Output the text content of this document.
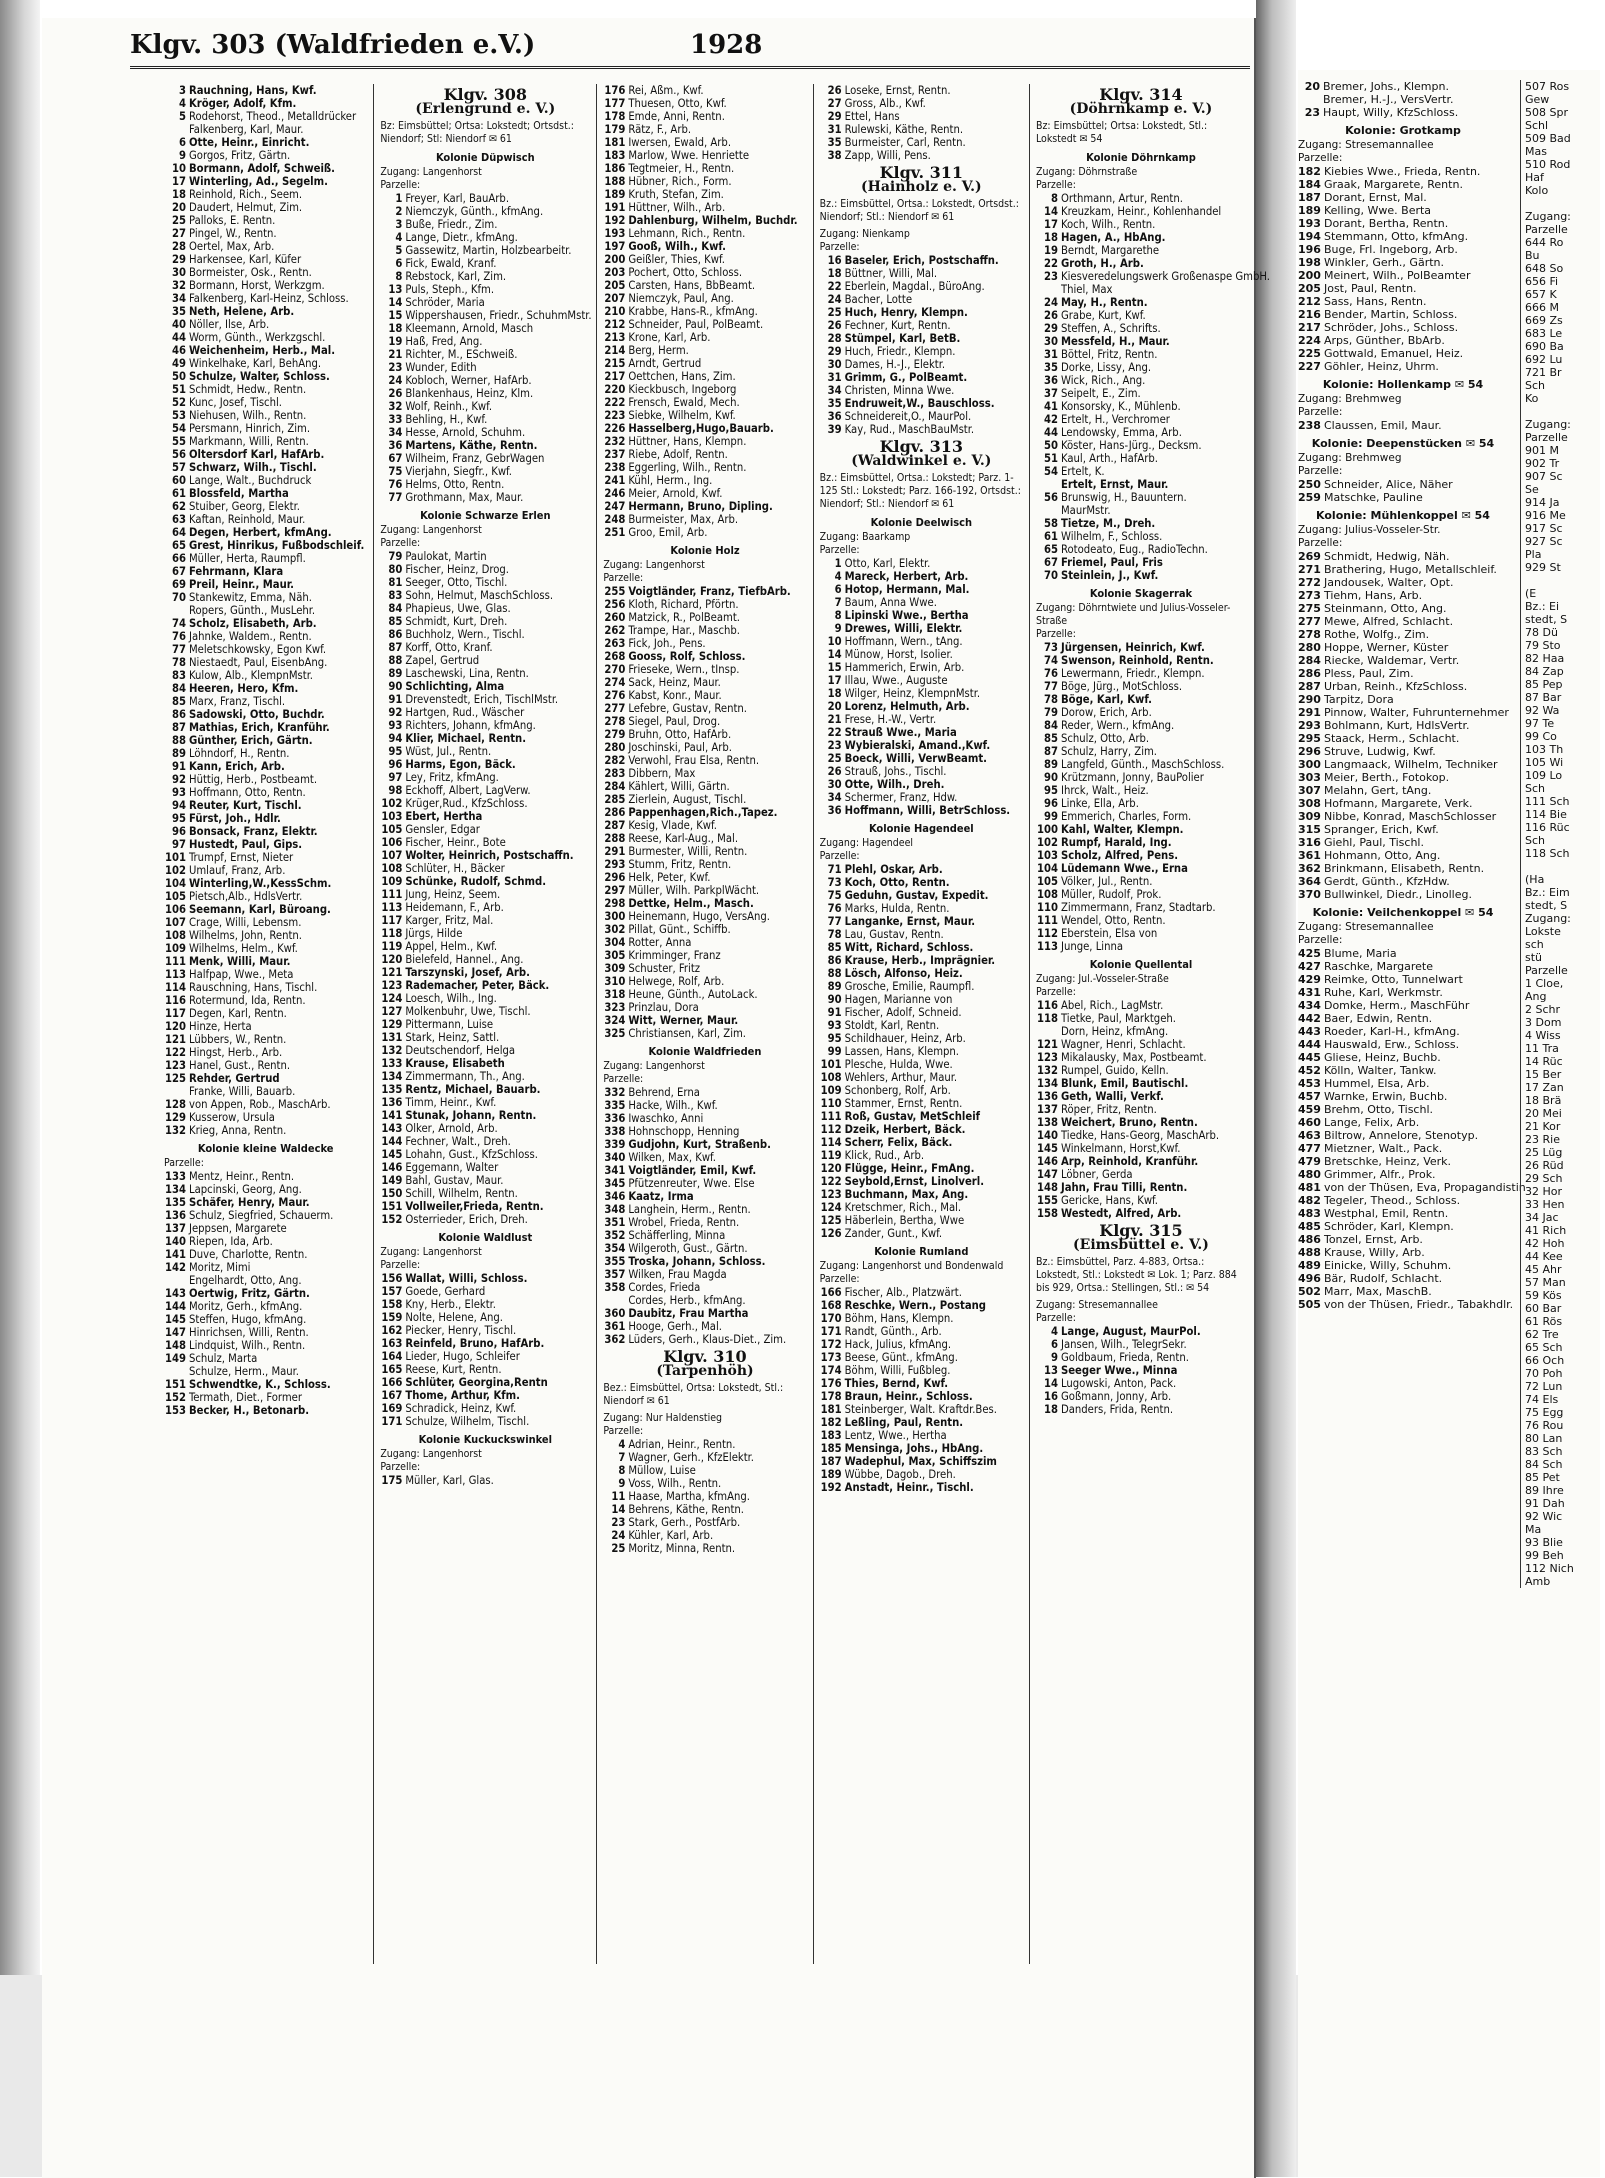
20 Bremer, Johs., Klempn.
Bremer, H.-J., VersVertr.
23 Haupt, Willy, KfzSchloss.
Kolonie: Grotkamp
Zugang: Stresemannallee
Parzelle:
182 Kiebies Wwe., Frieda, Rentn.
184 Graak, Margarete, Rentn.
187 Dorant, Ernst, Mal.
189 Kelling, Wwe. Berta
193 Dorant, Bertha, Rentn.
194 Stemmann, Otto, kfmAng.
196 Buge, Frl. Ingeborg, Arb.
198 Winkler, Gerh., Gärtn.
200 Meinert, Wilh., PolBeamter
205 Jost, Paul, Rentn.
212 Sass, Hans, Rentn.
216 Bender, Martin, Schloss.
217 Schröder, Johs., Schloss.
224 Arps, Günther, BbArb.
225 Gottwald, Emanuel, Heiz.
227 Göhler, Heinz, Uhrm.
Kolonie: Hollenkamp ✉ 54
Zugang: Brehmweg
Parzelle:
238 Claussen, Emil, Maur.
Kolonie: Deepenstücken ✉ 54
Zugang: Brehmweg
Parzelle:
250 Schneider, Alice, Näher
259 Matschke, Pauline
Kolonie: Mühlenkoppel ✉ 54
Zugang: Julius-Vosseler-Str.
Parzelle:
269 Schmidt, Hedwig, Näh.
271 Brathering, Hugo, Metallschleif.
272 Jandousek, Walter, Opt.
273 Tiehm, Hans, Arb.
275 Steinmann, Otto, Ang.
277 Mewe, Alfred, Schlacht.
278 Rothe, Wolfg., Zim.
280 Hoppe, Werner, Küster
284 Riecke, Waldemar, Vertr.
286 Pless, Paul, Zim.
287 Urban, Reinh., KfzSchloss.
290 Tarpitz, Dora
291 Pinnow, Walter, Fuhrunternehmer
293 Bohlmann, Kurt, HdlsVertr.
295 Staack, Herm., Schlacht.
296 Struve, Ludwig, Kwf.
300 Langmaack, Wilhelm, Techniker
303 Meier, Berth., Fotokop.
307 Melahn, Gert, tAng.
308 Hofmann, Margarete, Verk.
309 Nibbe, Konrad, MaschSchlosser
315 Spranger, Erich, Kwf.
316 Giehl, Paul, Tischl.
361 Hohmann, Otto, Ang.
362 Brinkmann, Elisabeth, Rentn.
364 Gerdt, Günth., KfzHdw.
370 Bullwinkel, Diedr., Linolleg.
Kolonie: Veilchenkoppel ✉ 54
Zugang: Stresemannallee
Parzelle:
425 Blume, Maria
427 Raschke, Margarete
429 Reimke, Otto, Tunnelwart
431 Ruhe, Karl, Werkmstr.
434 Domke, Herm., MaschFühr
442 Baer, Edwin, Rentn.
443 Roeder, Karl-H., kfmAng.
444 Hauswald, Erw., Schloss.
445 Gliese, Heinz, Buchb.
452 Kölln, Walter, Tankw.
453 Hummel, Elsa, Arb.
457 Warnke, Erwin, Buchb.
459 Brehm, Otto, Tischl.
460 Lange, Felix, Arb.
463 Biltrow, Annelore, Stenotyp.
477 Mietzner, Walt., Pack.
479 Bretschke, Heinz, Verk.
480 Grimmer, Alfr., Prok.
481 von der Thüsen, Eva, Propagandistin
482 Tegeler, Theod., Schloss.
483 Westphal, Emil, Rentn.
485 Schröder, Karl, Klempn.
486 Tonzel, Ernst, Arb.
488 Krause, Willy, Arb.
489 Einicke, Willy, Schuhm.
496 Bär, Rudolf, Schlacht.
502 Marr, Max, MaschB.
505 von der Thüsen, Friedr., Tabakhdlr.
507 Ros
Gew
508 Spr
Schl
509 Bad
Mas
510 Rod
Haf
Kolo
Zugang:
Parzelle
644 Ro
Bu
648 So
656 Fi
657 K
666 M
669 Zs
683 Le
690 Ba
692 Lu
721 Br
Sch
Ko
Zugang:
Parzelle
901 M
902 Tr
907 Sc
Se
914 Ja
916 Me
917 Sc
927 Sc
Pla
929 St
(E
Bz.: Ei
stedt, S
78 Dü
79 Sto
82 Haa
84 Zap
85 Pep
87 Bar
92 Wa
97 Te
99 Co
103 Th
105 Wi
109 Lo
Sch
111 Sch
114 Bie
116 Rüc
Sch
118 Sch
(Ha
Bz.: Eim
stedt, S
Zugang:
Lokste
sch
stü
Parzelle
1 Cloe,
Ang
2 Schr
3 Dom
4 Wiss
11 Tra
14 Rüc
15 Ber
17 Zan
18 Brä
20 Mei
21 Kor
23 Rie
25 Lüg
26 Rüd
29 Sch
32 Hor
33 Hen
34 Jac
41 Rich
42 Hoh
44 Kee
45 Ahr
57 Man
59 Kös
60 Bar
61 Rös
62 Tre
65 Sch
66 Och
70 Poh
72 Lun
74 Els
75 Egg
76 Rou
80 Lan
83 Sch
84 Sch
85 Pet
89 Ihre
91 Dah
92 Wic
Ma
93 Blie
99 Beh
112 Nich
Amb
Klgv. 303 (Waldfrieden e.V.)	1928
3 Rauchning, Hans, Kwf.
4 Kröger, Adolf, Kfm.
5 Rodehorst, Theod., Metalldrücker
Falkenberg, Karl, Maur.
6 Otte, Heinr., Einricht.
9 Gorgos, Fritz, Gärtn.
10 Bormann, Adolf, Schweiß.
17 Winterling, Ad., Segelm.
18 Reinhold, Rich., Seem.
20 Daudert, Helmut, Zim.
25 Palloks, E. Rentn.
27 Pingel, W., Rentn.
28 Oertel, Max, Arb.
29 Harkensee, Karl, Küfer
30 Bormeister, Osk., Rentn.
32 Bormann, Horst, Werkzgm.
34 Falkenberg, Karl-Heinz, Schloss.
35 Neth, Helene, Arb.
40 Nöller, Ilse, Arb.
44 Worm, Günth., Werkzgschl.
46 Weichenheim, Herb., Mal.
49 Winkelhake, Karl, BehAng.
50 Schulze, Walter, Schloss.
51 Schmidt, Hedw., Rentn.
52 Kunc, Josef, Tischl.
53 Niehusen, Wilh., Rentn.
54 Persmann, Hinrich, Zim.
55 Markmann, Willi, Rentn.
56 Oltersdorf Karl, HafArb.
57 Schwarz, Wilh., Tischl.
60 Lange, Walt., Buchdruck
61 Blossfeld, Martha
62 Stuiber, Georg, Elektr.
63 Kaftan, Reinhold, Maur.
64 Degen, Herbert, kfmAng.
65 Grest, Hinrikus, Fußbodschleif.
66 Müller, Herta, Raumpfl.
67 Fehrmann, Klara
69 Preil, Heinr., Maur.
70 Stankewitz, Emma, Näh.
Ropers, Günth., MusLehr.
74 Scholz, Elisabeth, Arb.
76 Jahnke, Waldem., Rentn.
77 Meletschkowsky, Egon Kwf.
78 Niestaedt, Paul, EisenbAng.
83 Kulow, Alb., KlempnMstr.
84 Heeren, Hero, Kfm.
85 Marx, Franz, Tischl.
86 Sadowski, Otto, Buchdr.
87 Mathias, Erich, Kranführ.
88 Günther, Erich, Gärtn.
89 Löhndorf, H., Rentn.
91 Kann, Erich, Arb.
92 Hüttig, Herb., Postbeamt.
93 Hoffmann, Otto, Rentn.
94 Reuter, Kurt, Tischl.
95 Fürst, Joh., Hdlr.
96 Bonsack, Franz, Elektr.
97 Hustedt, Paul, Gips.
101 Trumpf, Ernst, Nieter
102 Umlauf, Franz, Arb.
104 Winterling,W.,KessSchm.
105 Pietsch,Alb., HdlsVertr.
106 Seemann, Karl, Büroang.
107 Crage, Willi, Lebensm.
108 Wilhelms, John, Rentn.
109 Wilhelms, Helm., Kwf.
111 Menk, Willi, Maur.
113 Halfpap, Wwe., Meta
114 Rauschning, Hans, Tischl.
116 Rotermund, Ida, Rentn.
117 Degen, Karl, Rentn.
120 Hinze, Herta
121 Lübbers, W., Rentn.
122 Hingst, Herb., Arb.
123 Hanel, Gust., Rentn.
125 Rehder, Gertrud
Franke, Willi, Bauarb.
128 von Appen, Rob., MaschArb.
129 Kusserow, Ursula
132 Krieg, Anna, Rentn.
Kolonie kleine Waldecke
Parzelle:
133 Mentz, Heinr., Rentn.
134 Lapcinski, Georg, Ang.
135 Schäfer, Henry, Maur.
136 Schulz, Siegfried, Schauerm.
137 Jeppsen, Margarete
140 Riepen, Ida, Arb.
141 Duve, Charlotte, Rentn.
142 Moritz, Mimi
Engelhardt, Otto, Ang.
143 Oertwig, Fritz, Gärtn.
144 Moritz, Gerh., kfmAng.
145 Steffen, Hugo, kfmAng.
147 Hinrichsen, Willi, Rentn.
148 Lindquist, Wilh., Rentn.
149 Schulz, Marta
Schulze, Herm., Maur.
151 Schwendtke, K., Schloss.
152 Termath, Diet., Former
153 Becker, H., Betonarb.
Klgv. 308
(Erlengrund e. V.)
Bz: Eimsbüttel; Ortsa: Lokstedt; Ortsdst.: Niendorf; Stl: Niendorf ✉ 61
Kolonie Düpwisch
Zugang: Langenhorst
Parzelle:
1 Freyer, Karl, BauArb.
2 Niemczyk, Günth., kfmAng.
3 Buße, Friedr., Zim.
4 Lange, Dietr., kfmAng.
5 Gassewitz, Martin, Holzbearbeitr.
6 Fick, Ewald, Kranf.
8 Rebstock, Karl, Zim.
13 Puls, Steph., Kfm.
14 Schröder, Maria
15 Wippershausen, Friedr., SchuhmMstr.
18 Kleemann, Arnold, Masch
19 Haß, Fred, Ang.
21 Richter, M., ESchweiß.
23 Wunder, Edith
24 Kobloch, Werner, HafArb.
26 Blankenhaus, Heinz, Klm.
32 Wolf, Reinh., Kwf.
33 Behling, H., Kwf.
34 Hesse, Arnold, Schuhm.
36 Martens, Käthe, Rentn.
67 Wilheim, Franz, GebrWagen
75 Vierjahn, Siegfr., Kwf.
76 Helms, Otto, Rentn.
77 Grothmann, Max, Maur.
Kolonie Schwarze Erlen
Zugang: Langenhorst
Parzelle:
79 Paulokat, Martin
80 Fischer, Heinz, Drog.
81 Seeger, Otto, Tischl.
83 Sohn, Helmut, MaschSchloss.
84 Phapieus, Uwe, Glas.
85 Schmidt, Kurt, Dreh.
86 Buchholz, Wern., Tischl.
87 Korff, Otto, Kranf.
88 Zapel, Gertrud
89 Laschewski, Lina, Rentn.
90 Schlichting, Alma
91 Drevenstedt, Erich, TischlMstr.
92 Hartgen, Rud., Wäscher
93 Richters, Johann, kfmAng.
94 Klier, Michael, Rentn.
95 Wüst, Jul., Rentn.
96 Harms, Egon, Bäck.
97 Ley, Fritz, kfmAng.
98 Eckhoff, Albert, LagVerw.
102 Krüger,Rud., KfzSchloss.
103 Ebert, Hertha
105 Gensler, Edgar
106 Fischer, Heinr., Bote
107 Wolter, Heinrich, Postschaffn.
108 Schlüter, H., Bäcker
109 Schünke, Rudolf, Schmd.
111 Jung, Heinz, Seem.
113 Heidemann, F., Arb.
117 Karger, Fritz, Mal.
118 Jürgs, Hilde
119 Appel, Helm., Kwf.
120 Bielefeld, Hannel., Ang.
121 Tarszynski, Josef, Arb.
123 Rademacher, Peter, Bäck.
124 Loesch, Wilh., Ing.
127 Molkenbuhr, Uwe, Tischl.
129 Pittermann, Luise
131 Stark, Heinz, Sattl.
132 Deutschendorf, Helga
133 Krause, Elisabeth
134 Zimmermann, Th., Ang.
135 Rentz, Michael, Bauarb.
136 Timm, Heinr., Kwf.
141 Stunak, Johann, Rentn.
143 Olker, Arnold, Arb.
144 Fechner, Walt., Dreh.
145 Lohahn, Gust., KfzSchloss.
146 Eggemann, Walter
149 Bahl, Gustav, Maur.
150 Schill, Wilhelm, Rentn.
151 Vollweiler,Frieda, Rentn.
152 Osterrieder, Erich, Dreh.
Kolonie Waldlust
Zugang: Langenhorst
Parzelle:
156 Wallat, Willi, Schloss.
157 Goede, Gerhard
158 Kny, Herb., Elektr.
159 Nolte, Helene, Ang.
162 Piecker, Henry, Tischl.
163 Reinfeld, Bruno, HafArb.
164 Lieder, Hugo, Schleifer
165 Reese, Kurt, Rentn.
166 Schlüter, Georgina,Rentn
167 Thome, Arthur, Kfm.
169 Schradick, Heinz, Kwf.
171 Schulze, Wilhelm, Tischl.
Kolonie Kuckuckswinkel
Zugang: Langenhorst
Parzelle:
175 Müller, Karl, Glas.
176 Rei, Aßm., Kwf.
177 Thuesen, Otto, Kwf.
178 Emde, Anni, Rentn.
179 Rätz, F., Arb.
181 Iwersen, Ewald, Arb.
183 Marlow, Wwe. Henriette
186 Tegtmeier, H., Rentn.
188 Hübner, Rich., Form.
189 Kruth, Stefan, Zim.
191 Hüttner, Wilh., Arb.
192 Dahlenburg, Wilhelm, Buchdr.
193 Lehmann, Rich., Rentn.
197 Gooß, Wilh., Kwf.
200 Geißler, Thies, Kwf.
203 Pochert, Otto, Schloss.
205 Carsten, Hans, BbBeamt.
207 Niemczyk, Paul, Ang.
210 Krabbe, Hans-R., kfmAng.
212 Schneider, Paul, PolBeamt.
213 Krone, Karl, Arb.
214 Berg, Herm.
215 Arndt, Gertrud
217 Oettchen, Hans, Zim.
220 Kieckbusch, Ingeborg
222 Frensch, Ewald, Mech.
223 Siebke, Wilhelm, Kwf.
226 Hasselberg,Hugo,Bauarb.
232 Hüttner, Hans, Klempn.
237 Riebe, Adolf, Rentn.
238 Eggerling, Wilh., Rentn.
241 Kühl, Herm., Ing.
246 Meier, Arnold, Kwf.
247 Hermann, Bruno, Dipling.
248 Burmeister, Max, Arb.
251 Groo, Emil, Arb.
Kolonie Holz
Zugang: Langenhorst
Parzelle:
255 Voigtländer, Franz, TiefbArb.
256 Kloth, Richard, Pförtn.
260 Matzick, R., PolBeamt.
262 Trampe, Har., Maschb.
263 Fick, Joh., Pens.
268 Gooss, Rolf, Schloss.
270 Frieseke, Wern., tInsp.
274 Sack, Heinz, Maur.
276 Kabst, Konr., Maur.
277 Lefebre, Gustav, Rentn.
278 Siegel, Paul, Drog.
279 Bruhn, Otto, HafArb.
280 Joschinski, Paul, Arb.
282 Verwohl, Frau Elsa, Rentn.
283 Dibbern, Max
284 Kählert, Willi, Gärtn.
285 Zierlein, August, Tischl.
286 Pappenhagen,Rich.,Tapez.
287 Kesig, Vlade, Kwf.
288 Reese, Karl-Aug., Mal.
291 Burmester, Willi, Rentn.
293 Stumm, Fritz, Rentn.
296 Helk, Peter, Kwf.
297 Müller, Wilh. ParkplWächt.
298 Dettke, Helm., Masch.
300 Heinemann, Hugo, VersAng.
302 Pillat, Günt., Schiffb.
304 Rotter, Anna
305 Krimminger, Franz
309 Schuster, Fritz
310 Helwege, Rolf, Arb.
318 Heune, Günth., AutoLack.
323 Prinzlau, Dora
324 Witt, Werner, Maur.
325 Christiansen, Karl, Zim.
Kolonie Waldfrieden
Zugang: Langenhorst
Parzelle:
332 Behrend, Erna
335 Hacke, Wilh., Kwf.
336 Iwaschko, Anni
338 Hohnschopp, Henning
339 Gudjohn, Kurt, Straßenb.
340 Wilken, Max, Kwf.
341 Voigtländer, Emil, Kwf.
345 Pfützenreuter, Wwe. Else
346 Kaatz, Irma
348 Langhein, Herm., Rentn.
351 Wrobel, Frieda, Rentn.
352 Schäfferling, Minna
354 Wilgeroth, Gust., Gärtn.
355 Troska, Johann, Schloss.
357 Wilken, Frau Magda
358 Cordes, Frieda
Cordes, Herb., kfmAng.
360 Daubitz, Frau Martha
361 Hooge, Gerh., Mal.
362 Lüders, Gerh., Klaus-Diet., Zim.
Klgv. 310
(Tarpenhöh)
Bez.: Eimsbüttel, Ortsa: Lokstedt, Stl.: Niendorf ✉ 61
Zugang: Nur Haldenstieg
Parzelle:
4 Adrian, Heinr., Rentn.
7 Wagner, Gerh., KfzElektr.
8 Müllow, Luise
9 Voss, Wilh., Rentn.
11 Haase, Martha, kfmAng.
14 Behrens, Käthe, Rentn.
23 Stark, Gerh., PostfArb.
24 Kühler, Karl, Arb.
25 Moritz, Minna, Rentn.
26 Loseke, Ernst, Rentn.
27 Gross, Alb., Kwf.
29 Ettel, Hans
31 Rulewski, Käthe, Rentn.
35 Burmeister, Carl, Rentn.
38 Zapp, Willi, Pens.
Klgv. 311
(Hainholz e. V.)
Bz.: Eimsbüttel, Ortsa.: Lokstedt, Ortsdst.: Niendorf; Stl.: Niendorf ✉ 61
Zugang: Nienkamp
Parzelle:
16 Baseler, Erich, Postschaffn.
18 Büttner, Willi, Mal.
22 Eberlein, Magdal., BüroAng.
24 Bacher, Lotte
25 Huch, Henry, Klempn.
26 Fechner, Kurt, Rentn.
28 Stümpel, Karl, BetB.
29 Huch, Friedr., Klempn.
30 Dames, H.-J., Elektr.
31 Grimm, G., PolBeamt.
34 Christen, Minna Wwe.
35 Endruweit,W., Bauschloss.
36 Schneidereit,O., MaurPol.
39 Kay, Rud., MaschBauMstr.
Klgv. 313
(Waldwinkel e. V.)
Bz.: Eimsbüttel, Ortsa.: Lokstedt; Parz. 1-125 Stl.: Lokstedt; Parz. 166-192, Ortsdst.: Niendorf; Stl.: Niendorf ✉ 61
Kolonie Deelwisch
Zugang: Baarkamp
Parzelle:
1 Otto, Karl, Elektr.
4 Mareck, Herbert, Arb.
6 Hotop, Hermann, Mal.
7 Baum, Anna Wwe.
8 Lipinski Wwe., Bertha
9 Drewes, Willi, Elektr.
10 Hoffmann, Wern., tAng.
14 Münow, Horst, Isolier.
15 Hammerich, Erwin, Arb.
17 Illau, Wwe., Auguste
18 Wilger, Heinz, KlempnMstr.
20 Lorenz, Helmuth, Arb.
21 Frese, H.-W., Vertr.
22 Strauß Wwe., Maria
23 Wybieralski, Amand.,Kwf.
25 Boeck, Willi, VerwBeamt.
26 Strauß, Johs., Tischl.
30 Otte, Wilh., Dreh.
34 Schermer, Franz, Hdw.
36 Hoffmann, Willi, BetrSchloss.
Kolonie Hagendeel
Zugang: Hagendeel
Parzelle:
71 Plehl, Oskar, Arb.
73 Koch, Otto, Rentn.
75 Geduhn, Gustav, Expedit.
76 Marks, Hulda, Rentn.
77 Langanke, Ernst, Maur.
78 Lau, Gustav, Rentn.
85 Witt, Richard, Schloss.
86 Krause, Herb., Imprägnier.
88 Lösch, Alfonso, Heiz.
89 Grosche, Emilie, Raumpfl.
90 Hagen, Marianne von
91 Fischer, Adolf, Schneid.
93 Stoldt, Karl, Rentn.
95 Schildhauer, Heinz, Arb.
99 Lassen, Hans, Klempn.
101 Plesche, Hulda, Wwe.
108 Wehlers, Arthur, Maur.
109 Schonberg, Rolf, Arb.
110 Stammer, Ernst, Rentn.
111 Roß, Gustav, MetSchleif
112 Dzeik, Herbert, Bäck.
114 Scherr, Felix, Bäck.
119 Klick, Rud., Arb.
120 Flügge, Heinr., FmAng.
122 Seybold,Ernst, Linolverl.
123 Buchmann, Max, Ang.
124 Kretschmer, Rich., Mal.
125 Häberlein, Bertha, Wwe
126 Zander, Gunt., Kwf.
Kolonie Rumland
Zugang: Langenhorst und Bondenwald
Parzelle:
166 Fischer, Alb., Platzwärt.
168 Reschke, Wern., Postang
170 Böhm, Hans, Klempn.
171 Randt, Günth., Arb.
172 Hack, Julius, kfmAng.
173 Beese, Günt., kfmAng.
174 Böhm, Willi, Fußbleg.
176 Thies, Bernd, Kwf.
178 Braun, Heinr., Schloss.
181 Steinberger, Walt. Kraftdr.Bes.
182 Leßling, Paul, Rentn.
183 Lentz, Wwe., Hertha
185 Mensinga, Johs., HbAng.
187 Wadephul, Max, Schiffszim
189 Wübbe, Dagob., Dreh.
192 Anstadt, Heinr., Tischl.
Klgv. 314
(Döhrnkamp e. V.)
Bz: Eimsbüttel; Ortsa: Lokstedt, Stl.: Lokstedt ✉ 54
Kolonie Döhrnkamp
Zugang: Döhrnstraße
Parzelle:
8 Orthmann, Artur, Rentn.
14 Kreuzkam, Heinr., Kohlenhandel
17 Koch, Wilh., Rentn.
18 Hagen, A., HbAng.
19 Berndt, Margarethe
22 Groth, H., Arb.
23 Kiesveredelungswerk Großenaspe GmbH.
Thiel, Max
24 May, H., Rentn.
26 Grabe, Kurt, Kwf.
29 Steffen, A., Schrifts.
30 Messfeld, H., Maur.
31 Böttel, Fritz, Rentn.
35 Dorke, Lissy, Ang.
36 Wick, Rich., Ang.
37 Seipelt, E., Zim.
41 Konsorsky, K., Mühlenb.
42 Ertelt, H., Verchromer
44 Lendowsky, Emma, Arb.
50 Köster, Hans-Jürg., Decksm.
51 Kaul, Arth., HafArb.
54 Ertelt, K.
Ertelt, Ernst, Maur.
56 Brunswig, H., Bauuntern.
MaurMstr.
58 Tietze, M., Dreh.
61 Wilhelm, F., Schloss.
65 Rotodeato, Eug., RadioTechn.
67 Friemel, Paul, Fris
70 Steinlein, J., Kwf.
Kolonie Skagerrak
Zugang: Döhrntwiete und Julius-Vosseler-Straße
Parzelle:
73 Jürgensen, Heinrich, Kwf.
74 Swenson, Reinhold, Rentn.
76 Lewermann, Friedr., Klempn.
77 Böge, Jürg., MotSchloss.
78 Böge, Karl, Kwf.
79 Dorow, Erich, Arb.
84 Reder, Wern., kfmAng.
85 Schulz, Otto, Arb.
87 Schulz, Harry, Zim.
89 Langfeld, Günth., MaschSchloss.
90 Krützmann, Jonny, BauPolier
95 Ihrck, Walt., Heiz.
96 Linke, Ella, Arb.
99 Emmerich, Charles, Form.
100 Kahl, Walter, Klempn.
102 Rumpf, Harald, Ing.
103 Scholz, Alfred, Pens.
104 Lüdemann Wwe., Erna
105 Völker, Jul., Rentn.
108 Müller, Rudolf, Prok.
110 Zimmermann, Franz, Stadtarb.
111 Wendel, Otto, Rentn.
112 Eberstein, Elsa von
113 Junge, Linna
Kolonie Quellental
Zugang: Jul.-Vosseler-Straße
Parzelle:
116 Abel, Rich., LagMstr.
118 Tietke, Paul, Marktgeh.
Dorn, Heinz, kfmAng.
121 Wagner, Henri, Schlacht.
123 Mikalausky, Max, Postbeamt.
132 Rumpel, Guido, Kelln.
134 Blunk, Emil, Bautischl.
136 Geth, Walli, Verkf.
137 Röper, Fritz, Rentn.
138 Weichert, Bruno, Rentn.
140 Tiedke, Hans-Georg, MaschArb.
145 Winkelmann, Horst,Kwf.
146 Arp, Reinhold, Kranführ.
147 Löbner, Gerda
148 Jahn, Frau Tilli, Rentn.
155 Gericke, Hans, Kwf.
158 Westedt, Alfred, Arb.
Klgv. 315
(Eimsbüttel e. V.)
Bz.: Eimsbüttel, Parz. 4-883, Ortsa.: Lokstedt, Stl.: Lokstedt ✉ Lok. 1; Parz. 884 bis 929, Ortsa.: Stellingen, Stl.: ✉ 54
Zugang: Stresemannallee
Parzelle:
4 Lange, August, MaurPol.
6 Jansen, Wilh., TelegrSekr.
9 Goldbaum, Frieda, Rentn.
13 Seeger Wwe., Minna
14 Lugowski, Anton, Pack.
16 Goßmann, Jonny, Arb.
18 Danders, Frida, Rentn.
